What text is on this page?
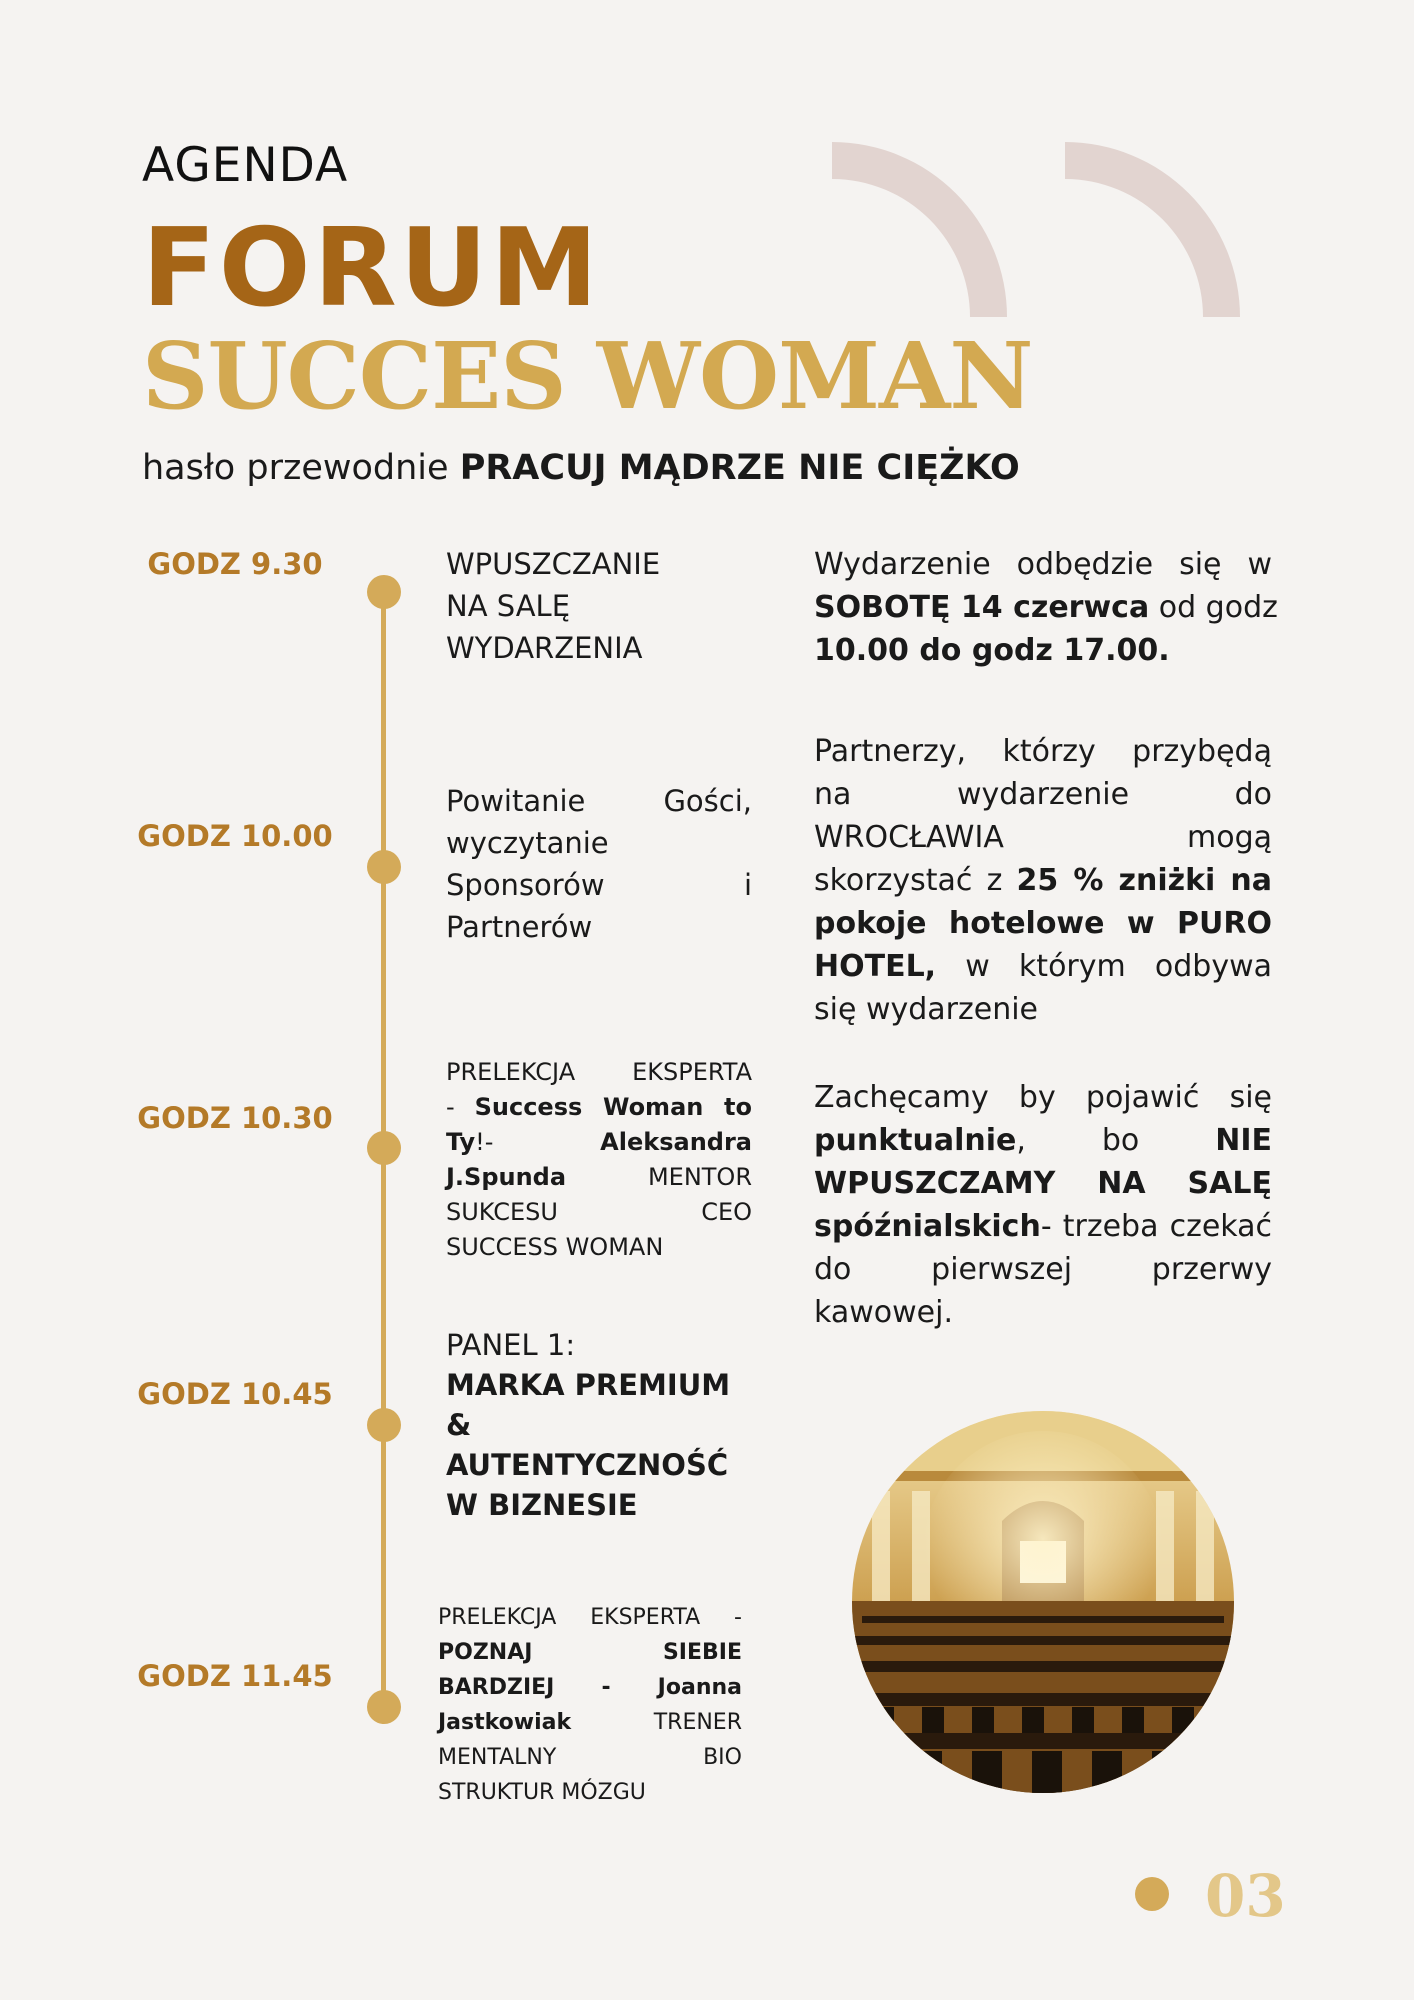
AGENDA
FORUM
SUCCES WOMAN
hasło przewodnie PRACUJ MĄDRZE NIE CIĘŻKO
GODZ 9.30
GODZ 10.00
GODZ 10.30
GODZ 10.45
GODZ 11.45
WPUSZCZANIE
NA SALĘ
WYDARZENIA
Powitanie Gości,
wyczytanie
Sponsorów i
Partnerów
PRELEKCJA EKSPERTA
- Success Woman to
Ty!- Aleksandra
J.Spunda MENTOR
SUKCESU CEO
SUCCESS WOMAN
PANEL 1:
MARKA PREMIUM &
AUTENTYCZNOŚĆ
W BIZNESIE
PRELEKCJA EKSPERTA -
POZNAJ SIEBIE
BARDZIEJ - Joanna
Jastkowiak TRENER
MENTALNY BIO
STRUKTUR MÓZGU
Wydarzenie odbędzie się w
SOBOTĘ 14 czerwca od godz
10.00 do godz 17.00.
Partnerzy, którzy przybędą
na wydarzenie do
WROCŁAWIA mogą
skorzystać z 25 % zniżki na
pokoje hotelowe w PURO
HOTEL, w którym odbywa
się wydarzenie
Zachęcamy by pojawić się
punktualnie, bo NIE
WPUSZCZAMY NA SALĘ
spóźnialskich- trzeba czekać
do pierwszej przerwy
kawowej.
03
